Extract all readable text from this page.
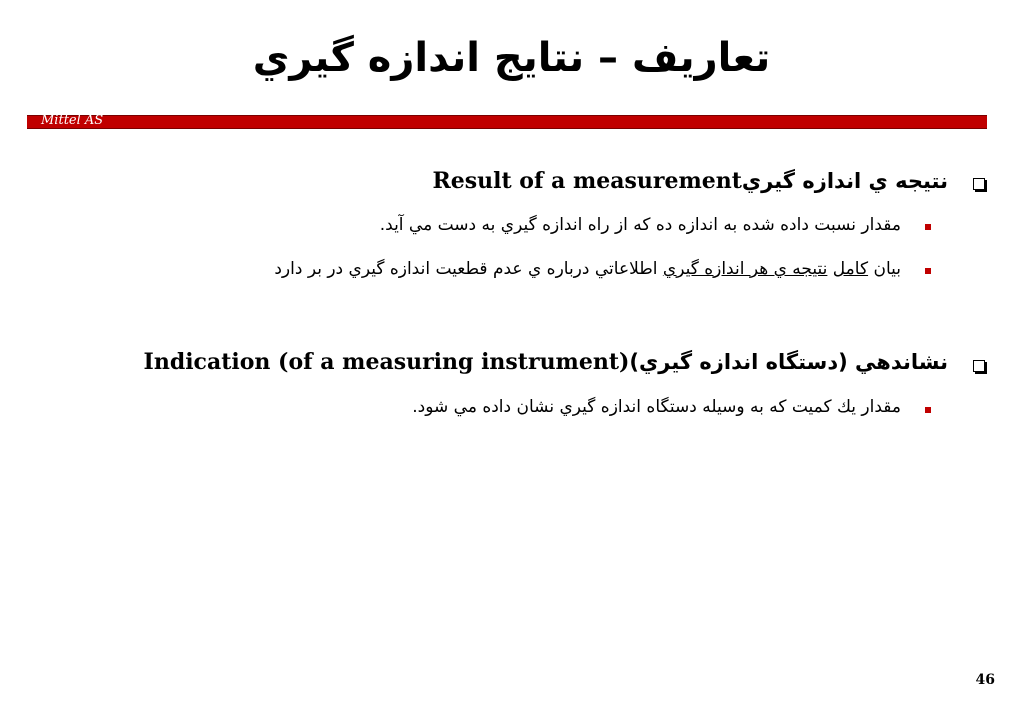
تعاريف – نتايج اندازه گيري
Mittel AS
نتيجه ي اندازه گيريResult of a measurement
مقدار نسبت داده شده به اندازه ده كه از راه اندازه گيري به دست مي آيد.
بيان كامل نتيجه ي هر اندازه گيري اطلاعاتي درباره ي عدم قطعيت اندازه گيري در بر دارد
نشاندهي (دستگاه اندازه گيري)Indication (of a measuring instrument)
مقدار يك كميت كه به وسيله دستگاه اندازه گيري نشان داده مي شود.
46
